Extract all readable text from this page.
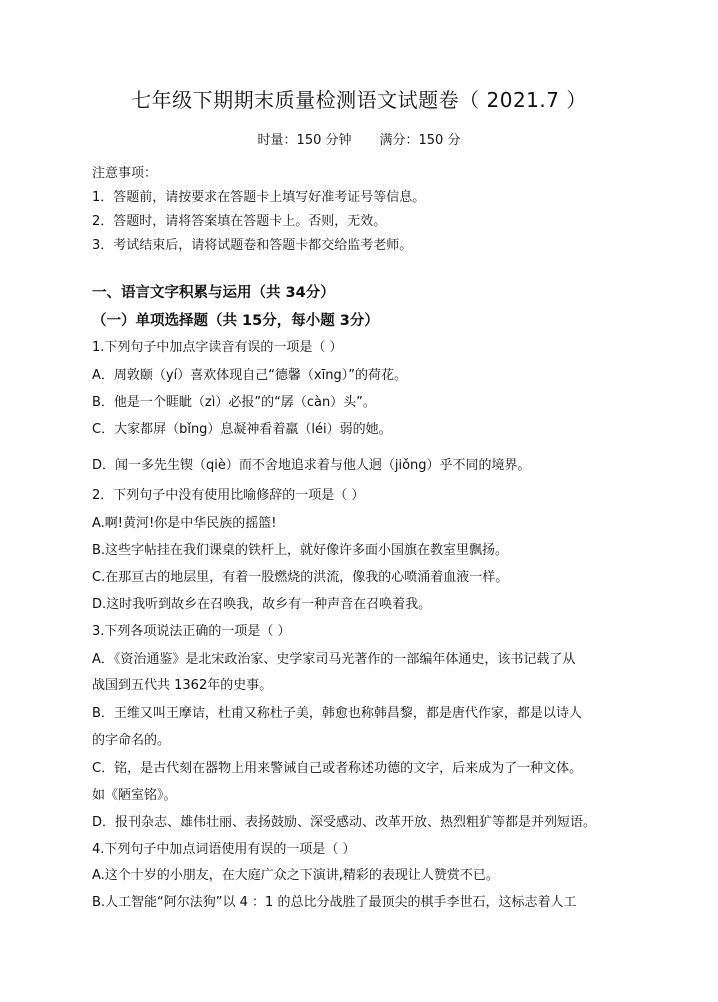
七年级下期期末质量检测语文试题卷（ 2021.7 ）
时量：150 分钟 满分：150 分
注意事项：
1．答题前，请按要求在答题卡上填写好准考证号等信息。
2．答题时，请将答案填在答题卡上。否则，无效。
3．考试结束后，请将试题卷和答题卡都交给监考老师。
一、语言文字积累与运用（共 34分）
（一）单项选择题（共 15分，每小题 3分）
1.下列句子中加点字读音有误的一项是（ ）
A．周敦颐（yí）喜欢体现自己“德馨（xīng）”的荷花。
B．他是一个睚眦（zì）必报”的“孱（càn）头”。
C．大家都屏（bǐng）息凝神看着羸（léi）弱的她。
D．闻一多先生锲（qiè）而不舍地追求着与他人迥（jiǒng）乎不同的境界。
2．下列句子中没有使用比喻修辞的一项是（ ）
A.啊!黄河!你是中华民族的摇篮!
B.这些字帖挂在我们课桌的铁杆上，就好像许多面小国旗在教室里飘扬。
C.在那亘古的地层里，有着一股燃烧的洪流，像我的心喷涌着血液一样。
D.这时我听到故乡在召唤我，故乡有一种声音在召唤着我。
3.下列各项说法正确的一项是（ ）
A．《资治通鉴》是北宋政治家、史学家司马光著作的一部编年体通史，该书记载了从
战国到五代共 1362年的史事。
B．王维又叫王摩诘，杜甫又称杜子美，韩愈也称韩昌黎，都是唐代作家，都是以诗人
的字命名的。
C．铭，是古代刻在器物上用来警诫自己或者称述功德的文字，后来成为了一种文体。
如《陋室铭》。
D．报刊杂志、雄伟壮丽、表扬鼓励、深受感动、改革开放、热烈粗犷等都是并列短语。
4.下列句子中加点词语使用有误的一项是（ ）
A.这个十岁的小朋友，在大庭广众之下演讲,精彩的表现让人赞赏不已。
B.人工智能“阿尔法狗”以 4 ：1 的总比分战胜了最顶尖的棋手李世石，这标志着人工
